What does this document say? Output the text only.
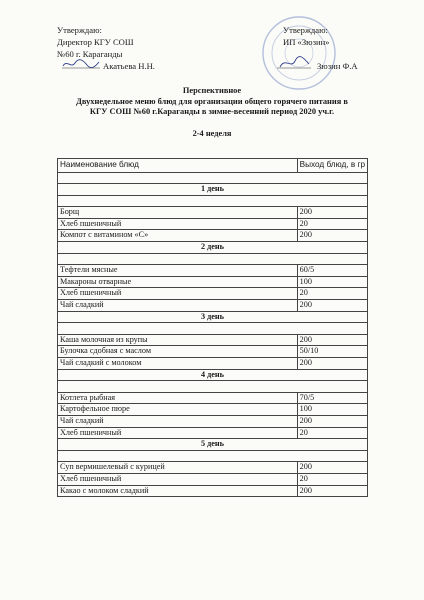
Утверждаю:
Директор КГУ СОШ
№60 г. Караганды
Акатьева Н.Н.
Утверждаю:
ИП «Зюзин»
Зюзин Ф.А
Перспективное
Двухнедельное меню блюд для организации общего горячего питания в
КГУ СОШ №60 г.Караганды в зимне-весенний период 2020 уч.г.
2-4 неделя
Наименование блюд	Выход блюд, в гр

1 день	

Борщ	200
Хлеб пшеничный	20
Компот с витамином «С»	200
2 день	

Тефтели мясные	60/5
Макароны отварные	100
Хлеб пшеничный	20
Чай сладкий	200
3 день	

Каша молочная из крупы	200
Булочка сдобная с маслом	50/10
Чай сладкий с молоком	200
4 день	

Котлета рыбная	70/5
Картофельное пюре	100
Чай сладкий	200
Хлеб пшеничный	20
5 день	

Суп вермишелевый с курицей	200
Хлеб пшеничный	20
Какао с молоком сладкий	200
